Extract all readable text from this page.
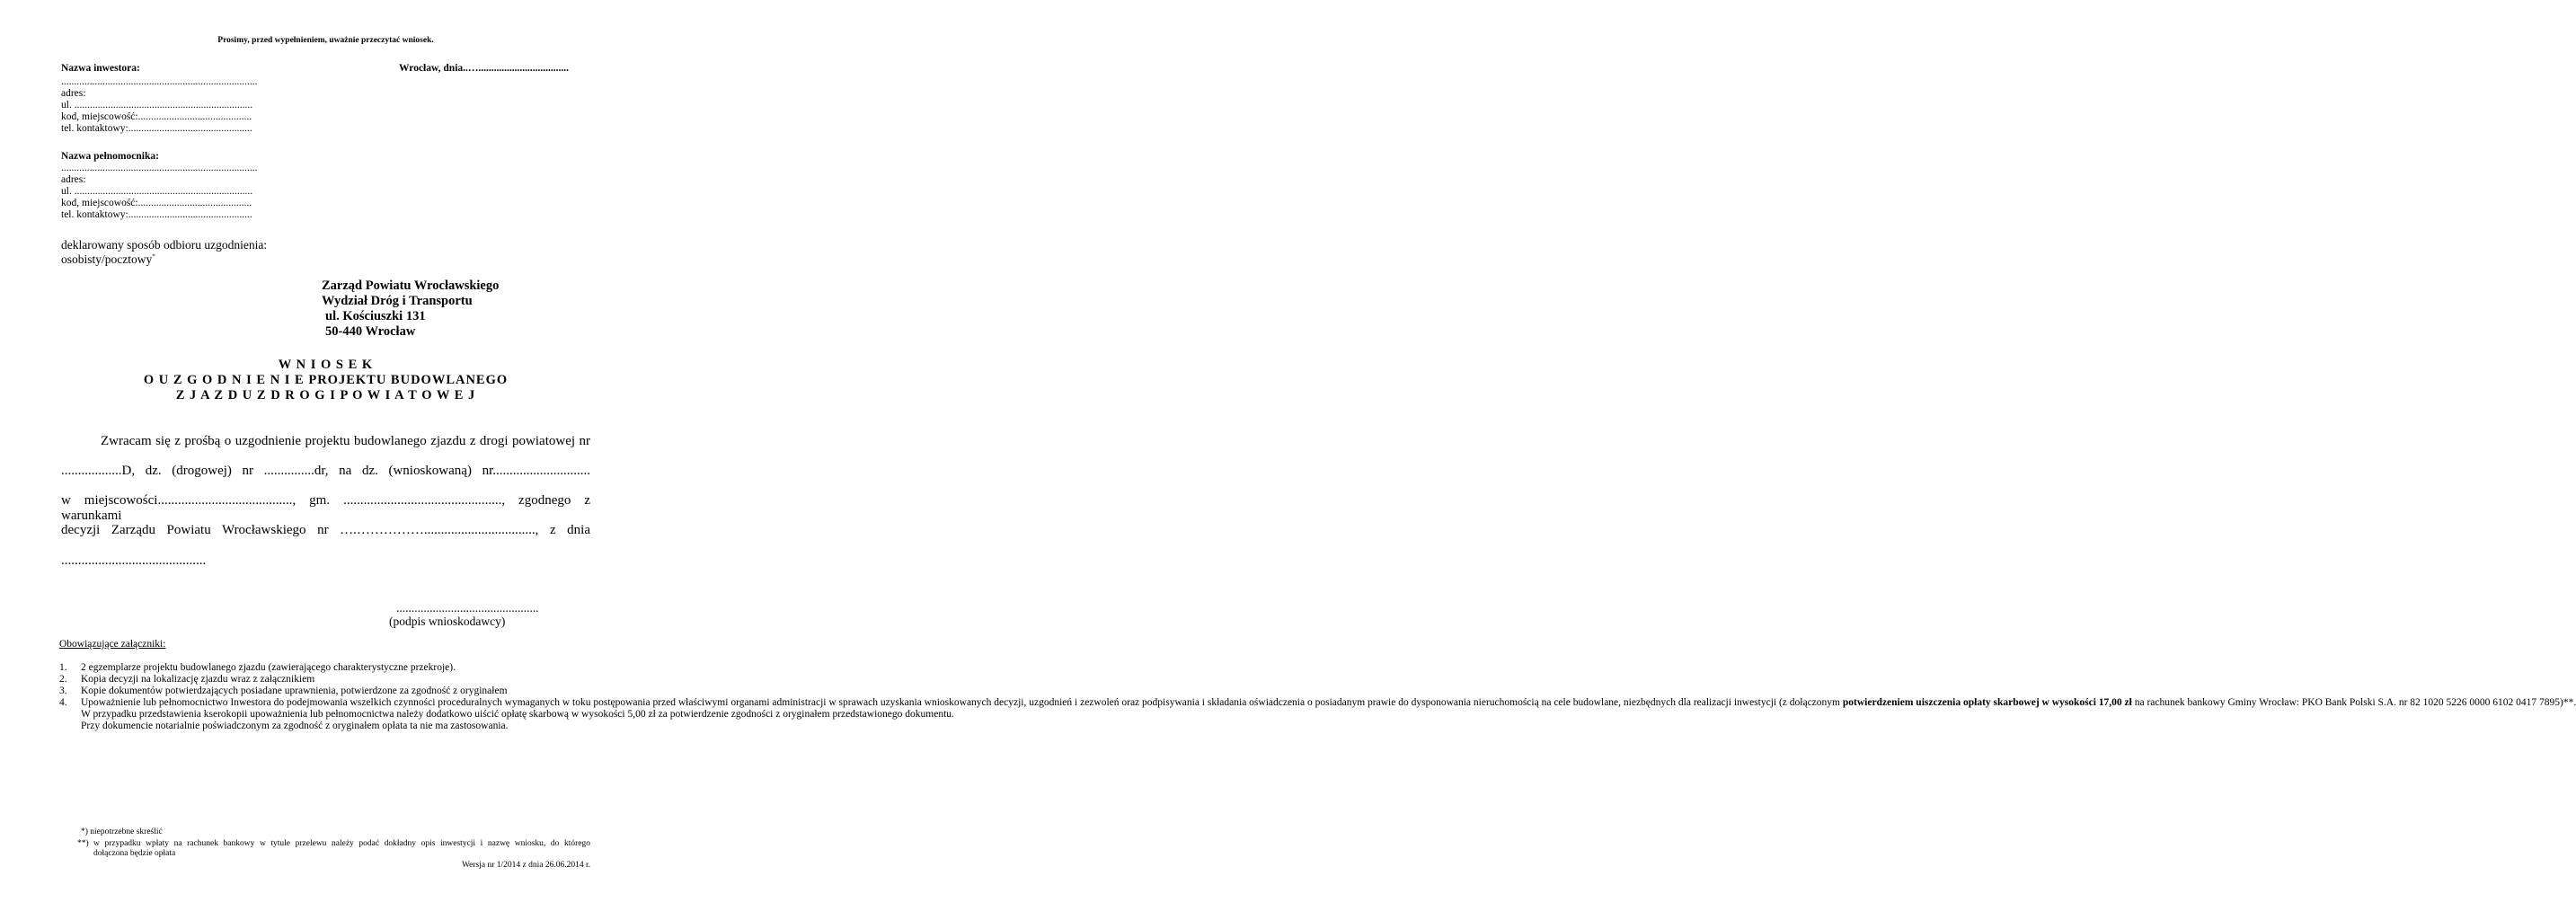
Prosimy, przed wypełnieniem, uważnie przeczytać wniosek.
Nazwa inwestora:	Wrocław, dnia..…...................................
............................................................................
adres:
ul. .....................................................................
kod, miejscowość:............................................
tel. kontaktowy:................................................
Nazwa pełnomocnika:
............................................................................
adres:
ul. .....................................................................
kod, miejscowość:............................................
tel. kontaktowy:................................................
deklarowany sposób odbioru uzgodnienia:
osobisty/pocztowy*
Zarząd Powiatu Wrocławskiego
Wydział Dróg i Transportu
ul. Kościuszki 131
50-440 Wrocław
W N I O S E K
O U Z G O D N I E N I E PROJEKTU BUDOWLANEGO
Z J A Z D U Z D R O G I P O W I A T O W E J
Zwracam się z prośbą o uzgodnienie projektu budowlanego zjazdu z drogi powiatowej nr
..................D, dz. (drogowej) nr ...............dr, na dz. (wnioskowaną) nr.............................
w miejscowości........................................, gm. ..............................................., zgodnego z warunkami
decyzji Zarządu Powiatu Wrocławskiego nr ….……………................................., z dnia
...........................................
...............................................
(podpis wnioskodawcy)
Obowiązujące załączniki:
1.	2 egzemplarze projektu budowlanego zjazdu (zawierającego charakterystyczne przekroje).
2.	Kopia decyzji na lokalizację zjazdu wraz z załącznikiem
3.	Kopie dokumentów potwierdzających posiadane uprawnienia, potwierdzone za zgodność z oryginałem
4.	Upoważnienie lub pełnomocnictwo Inwestora do podejmowania wszelkich czynności proceduralnych wymaganych w toku postępowania przed właściwymi organami administracji w sprawach uzyskania wnioskowanych decyzji, uzgodnień i zezwoleń oraz podpisywania i składania oświadczenia o posiadanym prawie do dysponowania nieruchomością na cele budowlane, niezbędnych dla realizacji inwestycji (z dołączonym potwierdzeniem uiszczenia opłaty skarbowej w wysokości 17,00 zł na rachunek bankowy Gminy Wrocław: PKO Bank Polski S.A. nr 82 1020 5226 0000 6102 0417 7895)**.
W przypadku przedstawienia kserokopii upoważnienia lub pełnomocnictwa należy dodatkowo uiścić opłatę skarbową w wysokości 5,00 zł za potwierdzenie zgodności z oryginałem przedstawionego dokumentu.
Przy dokumencie notarialnie poświadczonym za zgodność z oryginałem opłata ta nie ma zastosowania.
*) niepotrzebne skreślić
**) w przypadku wpłaty na rachunek bankowy w tytule przelewu należy podać dokładny opis inwestycji i nazwę wniosku, do którego
dołączona będzie opłata
Wersja nr 1/2014 z dnia 26.06.2014 r.
